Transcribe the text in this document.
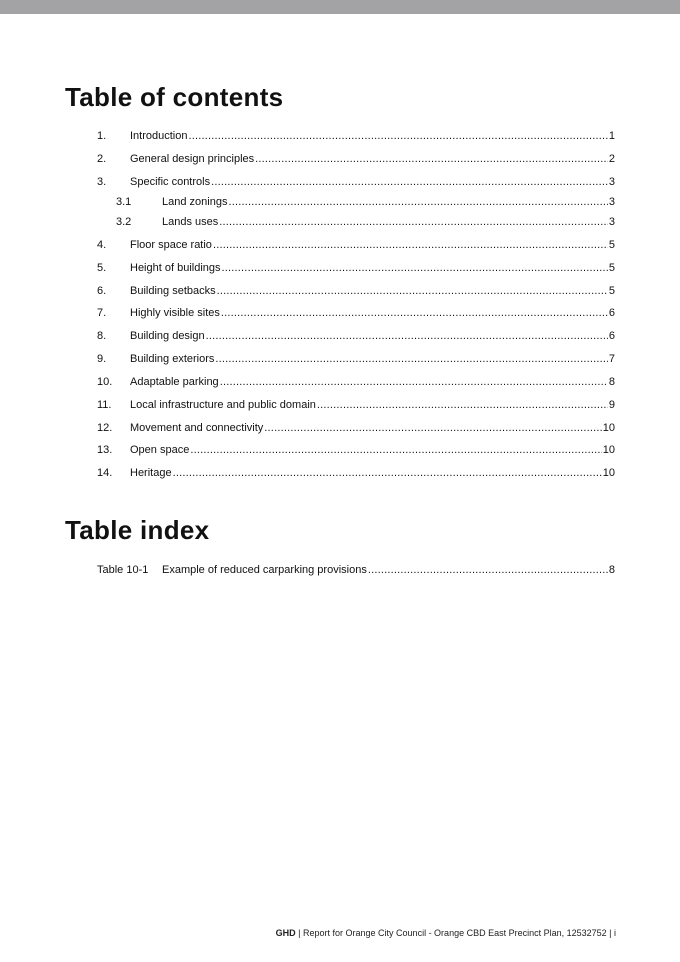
Table of contents
1.	Introduction .....	1
2.	General design principles .....	2
3.	Specific controls .....	3
3.1	Land zonings .....	3
3.2	Lands uses .....	3
4.	Floor space ratio .....	5
5.	Height of buildings .....	5
6.	Building setbacks .....	5
7.	Highly visible sites .....	6
8.	Building design .....	6
9.	Building exteriors .....	7
10.	Adaptable parking .....	8
11.	Local infrastructure and public domain .....	9
12.	Movement and connectivity .....	10
13.	Open space .....	10
14.	Heritage .....	10
Table index
Table 10-1	Example of reduced carparking provisions .....	8
GHD | Report for Orange City Council - Orange CBD East Precinct Plan, 12532752 | i
